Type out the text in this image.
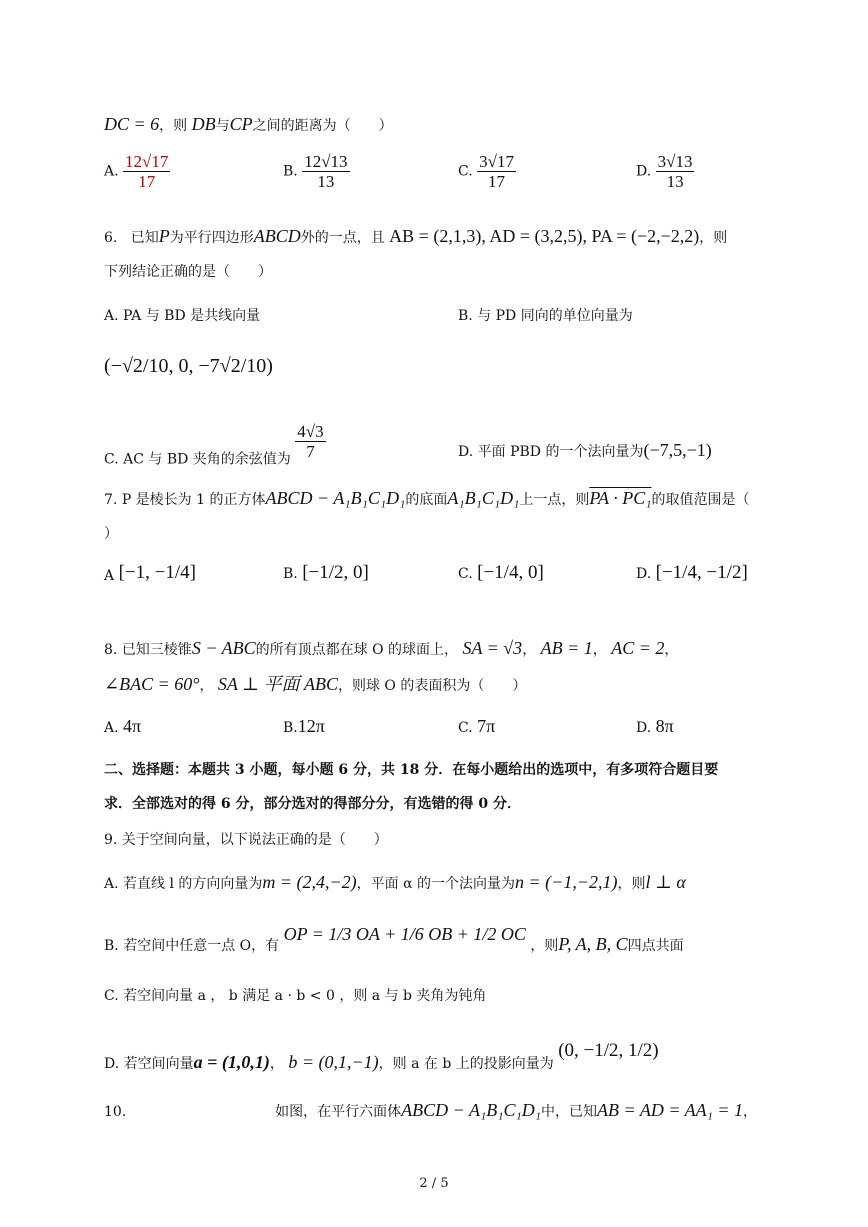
DC = 6，则 DB与CP之间的距离为（　　）
A. $\frac{12√17}{17}$	B. $\frac{12√13}{13}$	C. $\frac{3√17}{17}$	D. $\frac{3√13}{13}$
6. 已知P为平行四边形ABCD外的一点，且 AB = (2,1,3), AD = (3,2,5), PA = (−2,−2,2)，则
下列结论正确的是（　　）
A. PA 与 BD 是共线向量	B. 与 PD 同向的单位向量为
(−√2/10, 0, −7√2/10)
C. AC 与 BD 夹角的余弦值为 $\frac{4√3}{7}$	D. 平面 PBD 的一个法向量为(−7,5,−1)
7. P 是棱长为 1 的正方体ABCD − A₁B₁C₁D₁的底面A₁B₁C₁D₁上一点，则PA · PC₁的取值范围是（
）
A [−1, −1/4]	B. [−1/2, 0]	C. [−1/4, 0]	D. [−1/4, −1/2]
8. 已知三棱锥S − ABC的所有顶点都在球 O 的球面上， SA = √3， AB = 1， AC = 2，
∠BAC = 60°， SA ⊥ 平面 ABC，则球 O 的表面积为（　　）
A. 4π	B.12π	C. 7π	D. 8π
二、选择题：本题共 3 小题，每小题 6 分，共 18 分．在每小题给出的选项中，有多项符合题目要
求．全部选对的得 6 分，部分选对的得部分分，有选错的得 0 分．
9. 关于空间向量，以下说法正确的是（　　）
A. 若直线 l 的方向向量为m = (2,4,−2)，平面 α 的一个法向量为n = (−1,−2,1)，则l ⊥ α
B. 若空间中任意一点 O，有 OP = 1/3 OA + 1/6 OB + 1/2 OC ，则P, A, B, C四点共面
C. 若空间向量 a ， b 满足 a · b < 0 ，则 a 与 b 夹角为钝角
D. 若空间向量a = (1,0,1)， b = (0,1,−1)，则 a 在 b 上的投影向量为 (0, −1/2, 1/2)
10.	如图，在平行六面体ABCD − A₁B₁C₁D₁中，已知AB = AD = AA₁ = 1，
2 / 5
